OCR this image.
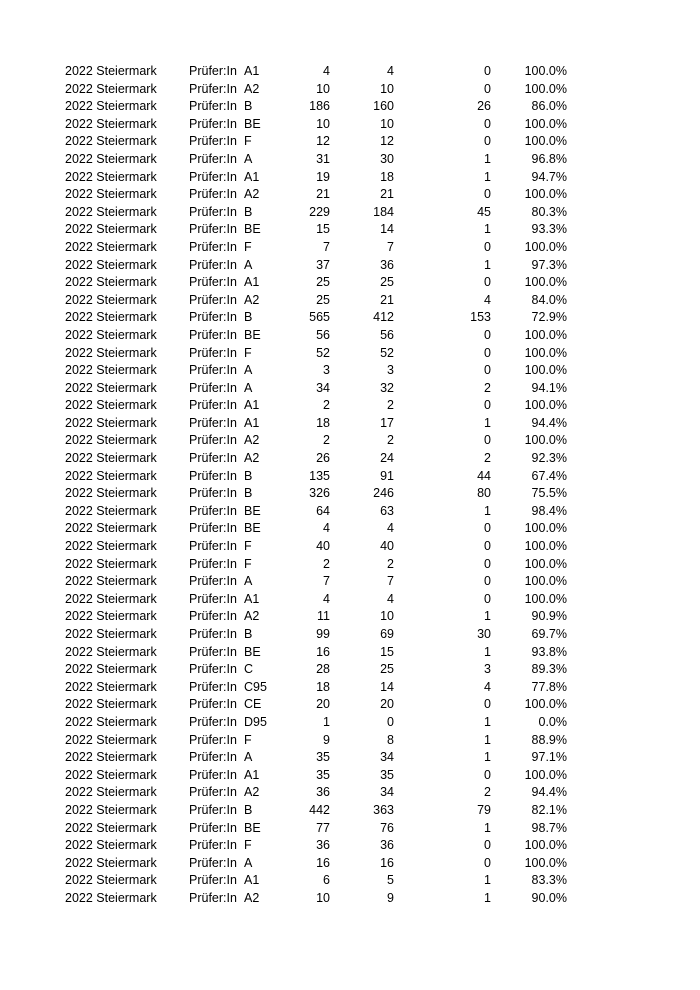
2022 Steiermark	Prüfer:In A1	4	4	0	100.0%
2022 Steiermark	Prüfer:In A2	10	10	0	100.0%
2022 Steiermark	Prüfer:In B	186	160	26	86.0%
2022 Steiermark	Prüfer:In BE	10	10	0	100.0%
2022 Steiermark	Prüfer:In F	12	12	0	100.0%
2022 Steiermark	Prüfer:In A	31	30	1	96.8%
2022 Steiermark	Prüfer:In A1	19	18	1	94.7%
2022 Steiermark	Prüfer:In A2	21	21	0	100.0%
2022 Steiermark	Prüfer:In B	229	184	45	80.3%
2022 Steiermark	Prüfer:In BE	15	14	1	93.3%
2022 Steiermark	Prüfer:In F	7	7	0	100.0%
2022 Steiermark	Prüfer:In A	37	36	1	97.3%
2022 Steiermark	Prüfer:In A1	25	25	0	100.0%
2022 Steiermark	Prüfer:In A2	25	21	4	84.0%
2022 Steiermark	Prüfer:In B	565	412	153	72.9%
2022 Steiermark	Prüfer:In BE	56	56	0	100.0%
2022 Steiermark	Prüfer:In F	52	52	0	100.0%
2022 Steiermark	Prüfer:In A	3	3	0	100.0%
2022 Steiermark	Prüfer:In A	34	32	2	94.1%
2022 Steiermark	Prüfer:In A1	2	2	0	100.0%
2022 Steiermark	Prüfer:In A1	18	17	1	94.4%
2022 Steiermark	Prüfer:In A2	2	2	0	100.0%
2022 Steiermark	Prüfer:In A2	26	24	2	92.3%
2022 Steiermark	Prüfer:In B	135	91	44	67.4%
2022 Steiermark	Prüfer:In B	326	246	80	75.5%
2022 Steiermark	Prüfer:In BE	64	63	1	98.4%
2022 Steiermark	Prüfer:In BE	4	4	0	100.0%
2022 Steiermark	Prüfer:In F	40	40	0	100.0%
2022 Steiermark	Prüfer:In F	2	2	0	100.0%
2022 Steiermark	Prüfer:In A	7	7	0	100.0%
2022 Steiermark	Prüfer:In A1	4	4	0	100.0%
2022 Steiermark	Prüfer:In A2	11	10	1	90.9%
2022 Steiermark	Prüfer:In B	99	69	30	69.7%
2022 Steiermark	Prüfer:In BE	16	15	1	93.8%
2022 Steiermark	Prüfer:In C	28	25	3	89.3%
2022 Steiermark	Prüfer:In C95	18	14	4	77.8%
2022 Steiermark	Prüfer:In CE	20	20	0	100.0%
2022 Steiermark	Prüfer:In D95	1	0	1	0.0%
2022 Steiermark	Prüfer:In F	9	8	1	88.9%
2022 Steiermark	Prüfer:In A	35	34	1	97.1%
2022 Steiermark	Prüfer:In A1	35	35	0	100.0%
2022 Steiermark	Prüfer:In A2	36	34	2	94.4%
2022 Steiermark	Prüfer:In B	442	363	79	82.1%
2022 Steiermark	Prüfer:In BE	77	76	1	98.7%
2022 Steiermark	Prüfer:In F	36	36	0	100.0%
2022 Steiermark	Prüfer:In A	16	16	0	100.0%
2022 Steiermark	Prüfer:In A1	6	5	1	83.3%
2022 Steiermark	Prüfer:In A2	10	9	1	90.0%
